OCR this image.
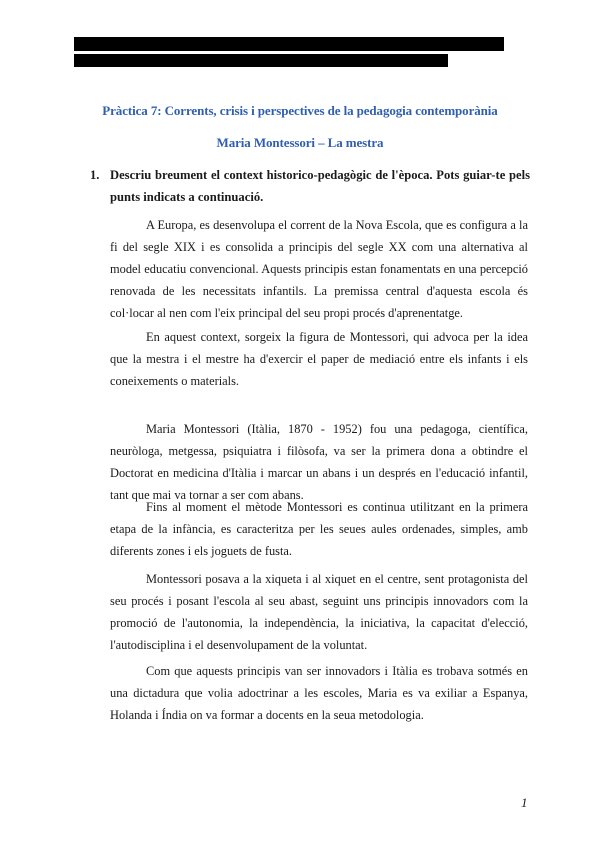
Pràctica 7: Corrents, crisis i perspectives de la pedagogia contemporània
Maria Montessori – La mestra
1. Descriu breument el context historico-pedagògic de l'època. Pots guiar-te pels punts indicats a continuació.

A Europa, es desenvolupa el corrent de la Nova Escola, que es configura a la fi del segle XIX i es consolida a principis del segle XX com una alternativa al model educatiu convencional. Aquests principis estan fonamentats en una percepció renovada de les necessitats infantils. La premissa central d'aquesta escola és col·locar al nen com l'eix principal del seu propi procés d'aprenentatge.

En aquest context, sorgeix la figura de Montessori, qui advoca per la idea que la mestra i el mestre ha d'exercir el paper de mediació entre els infants i els coneixements o materials.

Maria Montessori (Itàlia, 1870 - 1952) fou una pedagoga, científica, neuròloga, metgessa, psiquiatra i filòsofa, va ser la primera dona a obtindre el Doctorat en medicina d'Itàlia i marcar un abans i un després en l'educació infantil, tant que mai va tornar a ser com abans.

Fins al moment el mètode Montessori es continua utilitzant en la primera etapa de la infància, es caracteritza per les seues aules ordenades, simples, amb diferents zones i els joguets de fusta.

Montessori posava a la xiqueta i al xiquet en el centre, sent protagonista del seu procés i posant l'escola al seu abast, seguint uns principis innovadors com la promoció de l'autonomia, la independència, la iniciativa, la capacitat d'elecció, l'autodisciplina i el desenvolupament de la voluntat.

Com que aquests principis van ser innovadors i Itàlia es trobava sotmés en una dictadura que volia adoctrinar a les escoles, Maria es va exiliar a Espanya, Holanda i Índia on va formar a docents en la seua metodologia.

1
